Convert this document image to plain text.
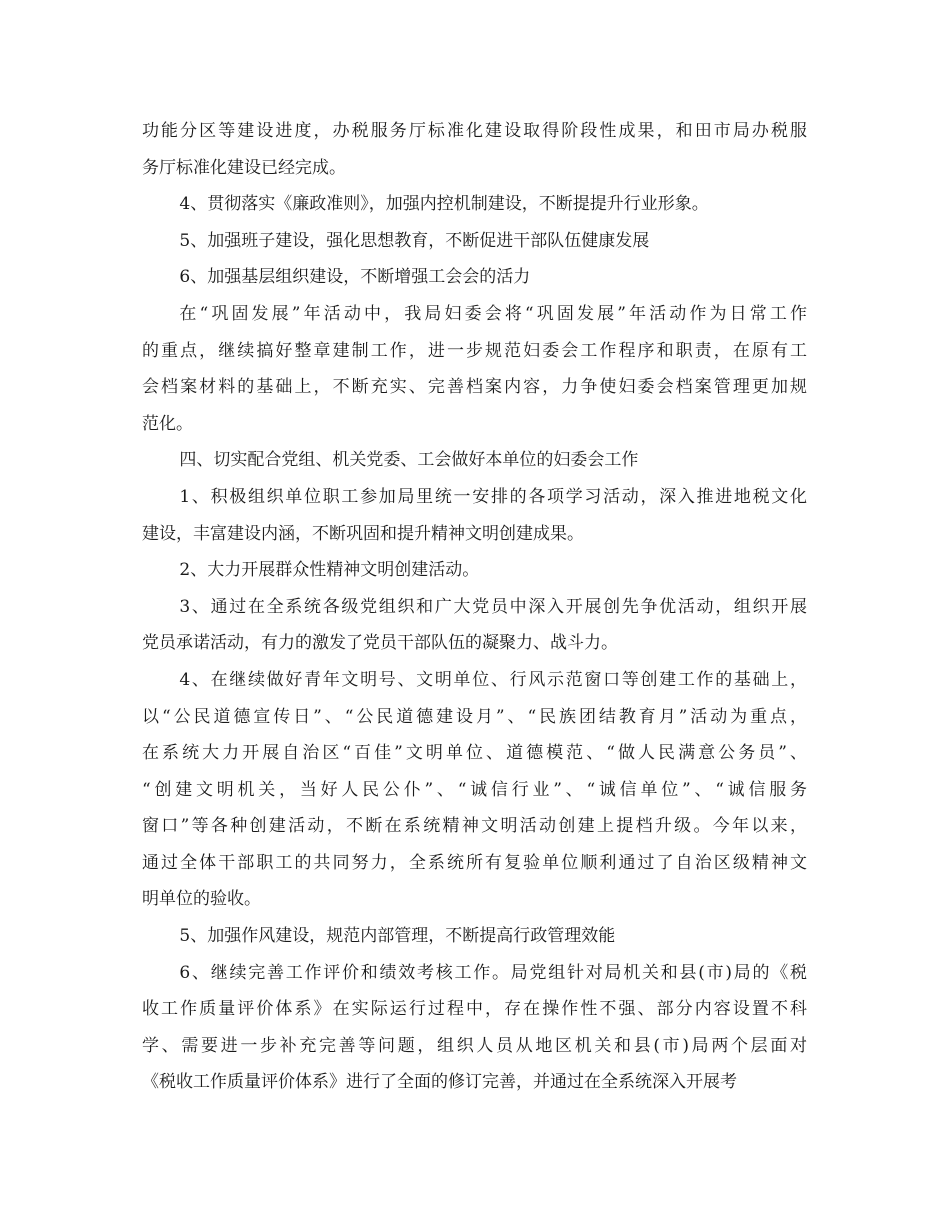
功能分区等建设进度，办税服务厅标准化建设取得阶段性成果，和田市局办税服
务厅标准化建设已经完成。
4、贯彻落实《廉政准则》，加强内控机制建设，不断提提升行业形象。
5、加强班子建设，强化思想教育，不断促进干部队伍健康发展
6、加强基层组织建设，不断增强工会会的活力
在“巩固发展”年活动中，我局妇委会将“巩固发展”年活动作为日常工作
的重点，继续搞好整章建制工作，进一步规范妇委会工作程序和职责，在原有工
会档案材料的基础上，不断充实、完善档案内容，力争使妇委会档案管理更加规
范化。
四、切实配合党组、机关党委、工会做好本单位的妇委会工作
1、积极组织单位职工参加局里统一安排的各项学习活动，深入推进地税文化
建设，丰富建设内涵，不断巩固和提升精神文明创建成果。
2、大力开展群众性精神文明创建活动。
3、通过在全系统各级党组织和广大党员中深入开展创先争优活动，组织开展
党员承诺活动，有力的激发了党员干部队伍的凝聚力、战斗力。
4、在继续做好青年文明号、文明单位、行风示范窗口等创建工作的基础上，
以“公民道德宣传日”、“公民道德建设月”、“民族团结教育月”活动为重点，
在系统大力开展自治区“百佳”文明单位、道德模范、“做人民满意公务员”、
“创建文明机关，当好人民公仆”、“诚信行业”、“诚信单位”、“诚信服务
窗口”等各种创建活动，不断在系统精神文明活动创建上提档升级。今年以来，
通过全体干部职工的共同努力，全系统所有复验单位顺利通过了自治区级精神文
明单位的验收。
5、加强作风建设，规范内部管理，不断提高行政管理效能
6、继续完善工作评价和绩效考核工作。局党组针对局机关和县(市)局的《税
收工作质量评价体系》在实际运行过程中，存在操作性不强、部分内容设置不科
学、需要进一步补充完善等问题，组织人员从地区机关和县(市)局两个层面对
《税收工作质量评价体系》进行了全面的修订完善，并通过在全系统深入开展考
